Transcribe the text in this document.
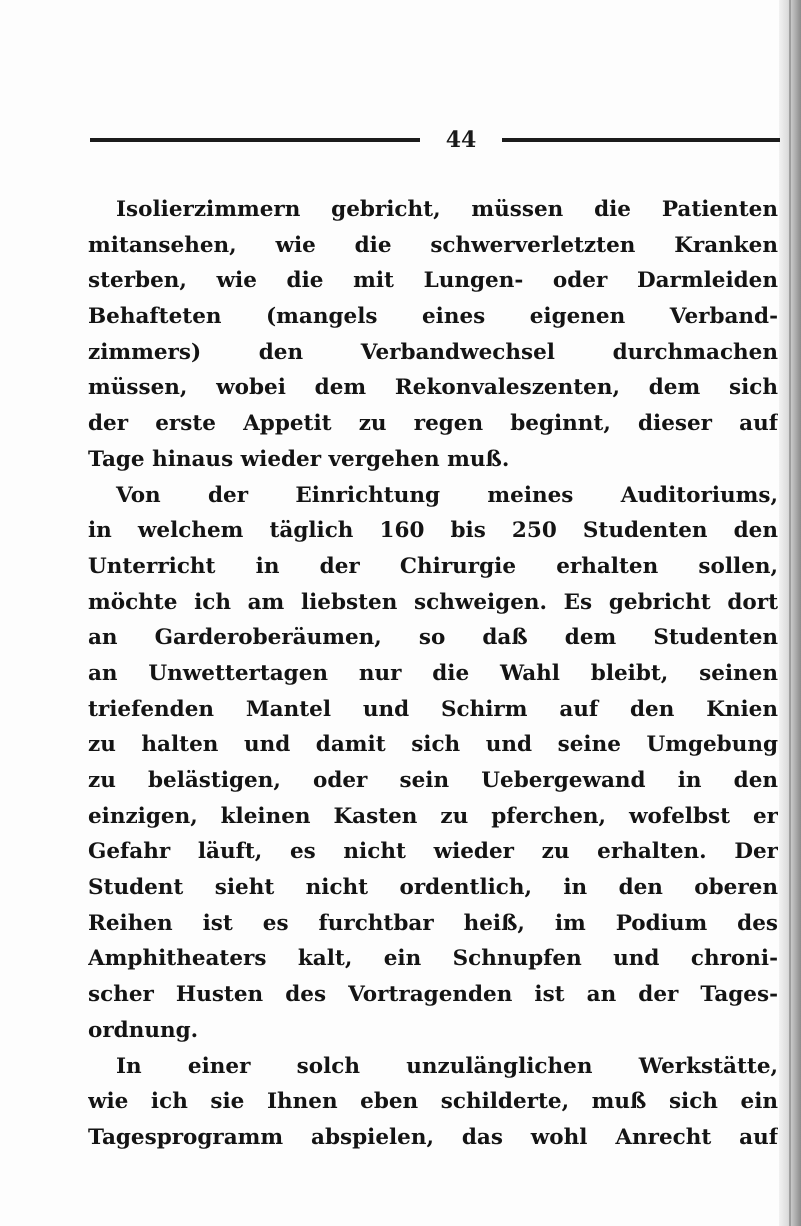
44
Isolierzimmern gebricht, müssen die Patienten
mitansehen, wie die schwerverletzten Kranken
sterben, wie die mit Lungen- oder Darmleiden
Behafteten (mangels eines eigenen Verband-
zimmers) den Verbandwechsel durchmachen
müssen, wobei dem Rekonvaleszenten, dem sich
der erste Appetit zu regen beginnt, dieser auf
Tage hinaus wieder vergehen muß.
Von der Einrichtung meines Auditoriums,
in welchem täglich 160 bis 250 Studenten den
Unterricht in der Chirurgie erhalten sollen,
möchte ich am liebsten schweigen. Es gebricht dort
an Garderoberäumen, so daß dem Studenten
an Unwettertagen nur die Wahl bleibt, seinen
triefenden Mantel und Schirm auf den Knien
zu halten und damit sich und seine Umgebung
zu belästigen, oder sein Uebergewand in den
einzigen, kleinen Kasten zu pferchen, wofelbst er
Gefahr läuft, es nicht wieder zu erhalten. Der
Student sieht nicht ordentlich, in den oberen
Reihen ist es furchtbar heiß, im Podium des
Amphitheaters kalt, ein Schnupfen und chroni-
scher Husten des Vortragenden ist an der Tages-
ordnung.
In einer solch unzulänglichen Werkstätte,
wie ich sie Ihnen eben schilderte, muß sich ein
Tagesprogramm abspielen, das wohl Anrecht auf
